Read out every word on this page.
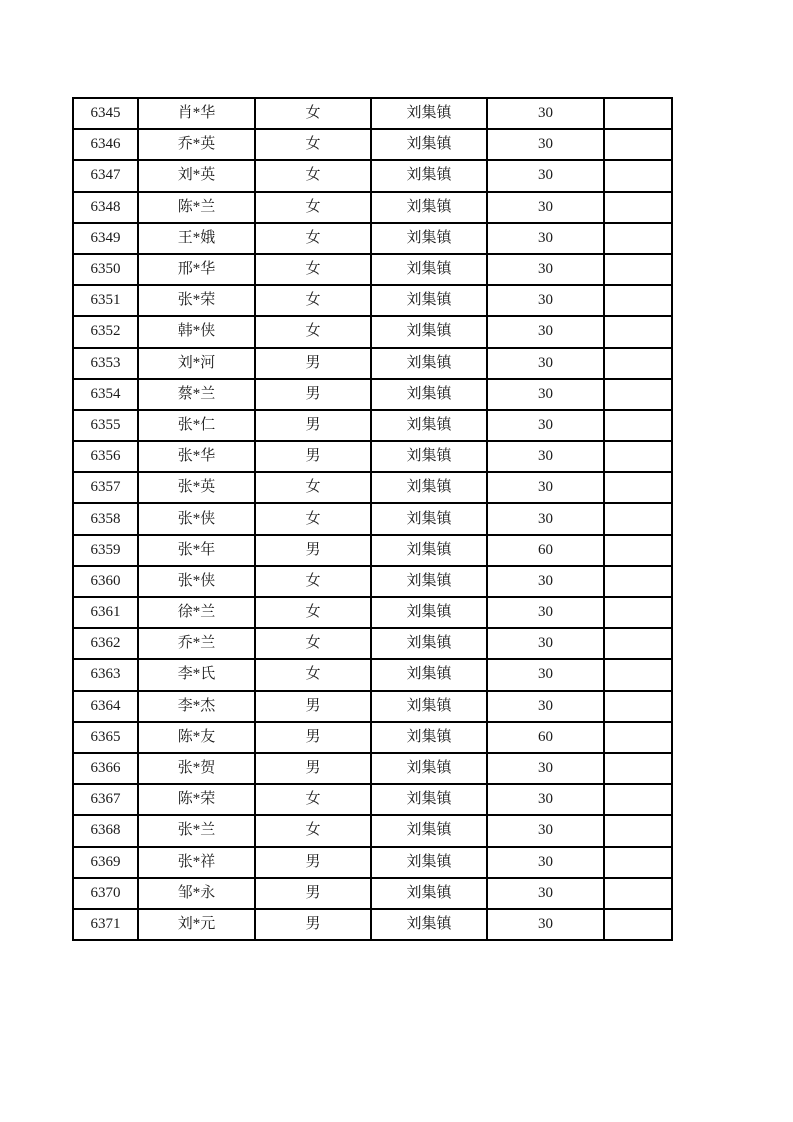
6345	肖*华	女	刘集镇	30	
6346	乔*英	女	刘集镇	30	
6347	刘*英	女	刘集镇	30	
6348	陈*兰	女	刘集镇	30	
6349	王*娥	女	刘集镇	30	
6350	邢*华	女	刘集镇	30	
6351	张*荣	女	刘集镇	30	
6352	韩*侠	女	刘集镇	30	
6353	刘*河	男	刘集镇	30	
6354	蔡*兰	男	刘集镇	30	
6355	张*仁	男	刘集镇	30	
6356	张*华	男	刘集镇	30	
6357	张*英	女	刘集镇	30	
6358	张*侠	女	刘集镇	30	
6359	张*年	男	刘集镇	60	
6360	张*侠	女	刘集镇	30	
6361	徐*兰	女	刘集镇	30	
6362	乔*兰	女	刘集镇	30	
6363	李*氏	女	刘集镇	30	
6364	李*杰	男	刘集镇	30	
6365	陈*友	男	刘集镇	60	
6366	张*贺	男	刘集镇	30	
6367	陈*荣	女	刘集镇	30	
6368	张*兰	女	刘集镇	30	
6369	张*祥	男	刘集镇	30	
6370	邹*永	男	刘集镇	30	
6371	刘*元	男	刘集镇	30	
